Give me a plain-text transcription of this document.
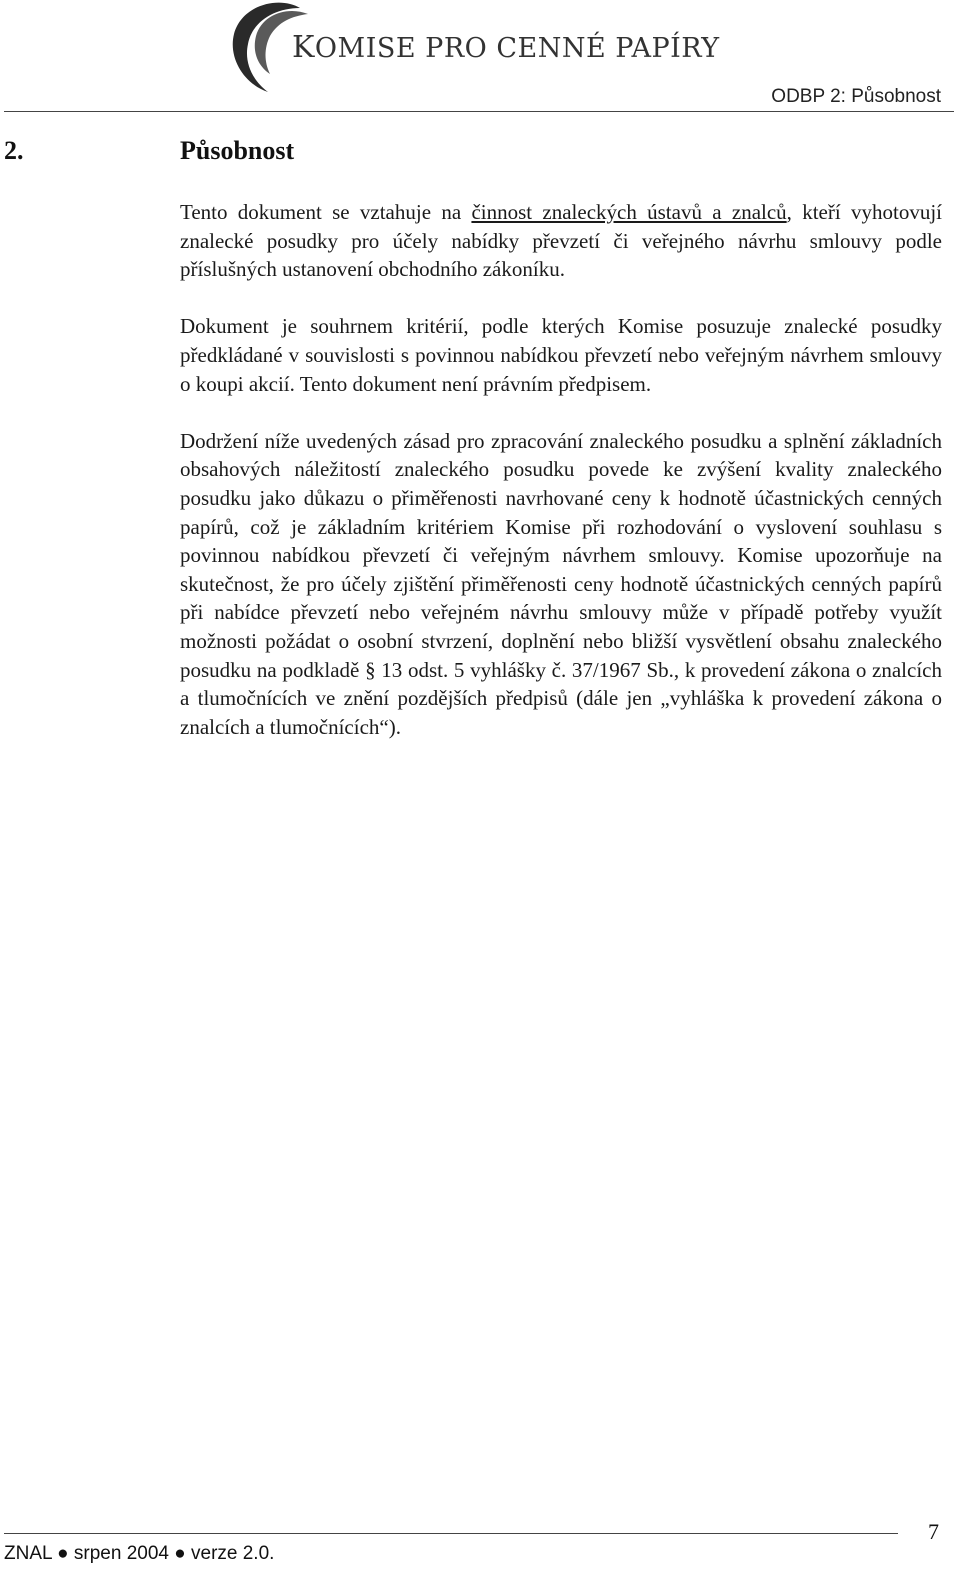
KOMISE PRO CENNÉ PAPÍRY
ODBP 2: Působnost
2.	Působnost

Tento dokument se vztahuje na činnost znaleckých ústavů a znalců, kteří vyhotovují znalecké posudky pro účely nabídky převzetí či veřejného návrhu smlouvy podle příslušných ustanovení obchodního zákoníku.

Dokument je souhrnem kritérií, podle kterých Komise posuzuje znalecké posudky předkládané v souvislosti s povinnou nabídkou převzetí nebo veřejným návrhem smlouvy o koupi akcií. Tento dokument není právním předpisem.

Dodržení níže uvedených zásad pro zpracování znaleckého posudku a splnění základních obsahových náležitostí znaleckého posudku povede ke zvýšení kvality znaleckého posudku jako důkazu o přiměřenosti navrhované ceny k hodnotě účastnických cenných papírů, což je základním kritériem Komise při rozhodování o vyslovení souhlasu s povinnou nabídkou převzetí či veřejným návrhem smlouvy. Komise upozorňuje na skutečnost, že pro účely zjištění přiměřenosti ceny hodnotě účastnických cenných papírů při nabídce převzetí nebo veřejném návrhu smlouvy může v případě potřeby využít možnosti požádat o osobní stvrzení, doplnění nebo bližší vysvětlení obsahu znaleckého posudku na podkladě § 13 odst. 5 vyhlášky č. 37/1967 Sb., k provedení zákona o znalcích a tlumočnících ve znění pozdějších předpisů (dále jen „vyhláška k provedení zákona o znalcích a tlumočnících“).

ZNAL ● srpen 2004 ● verze 2.0.
7
